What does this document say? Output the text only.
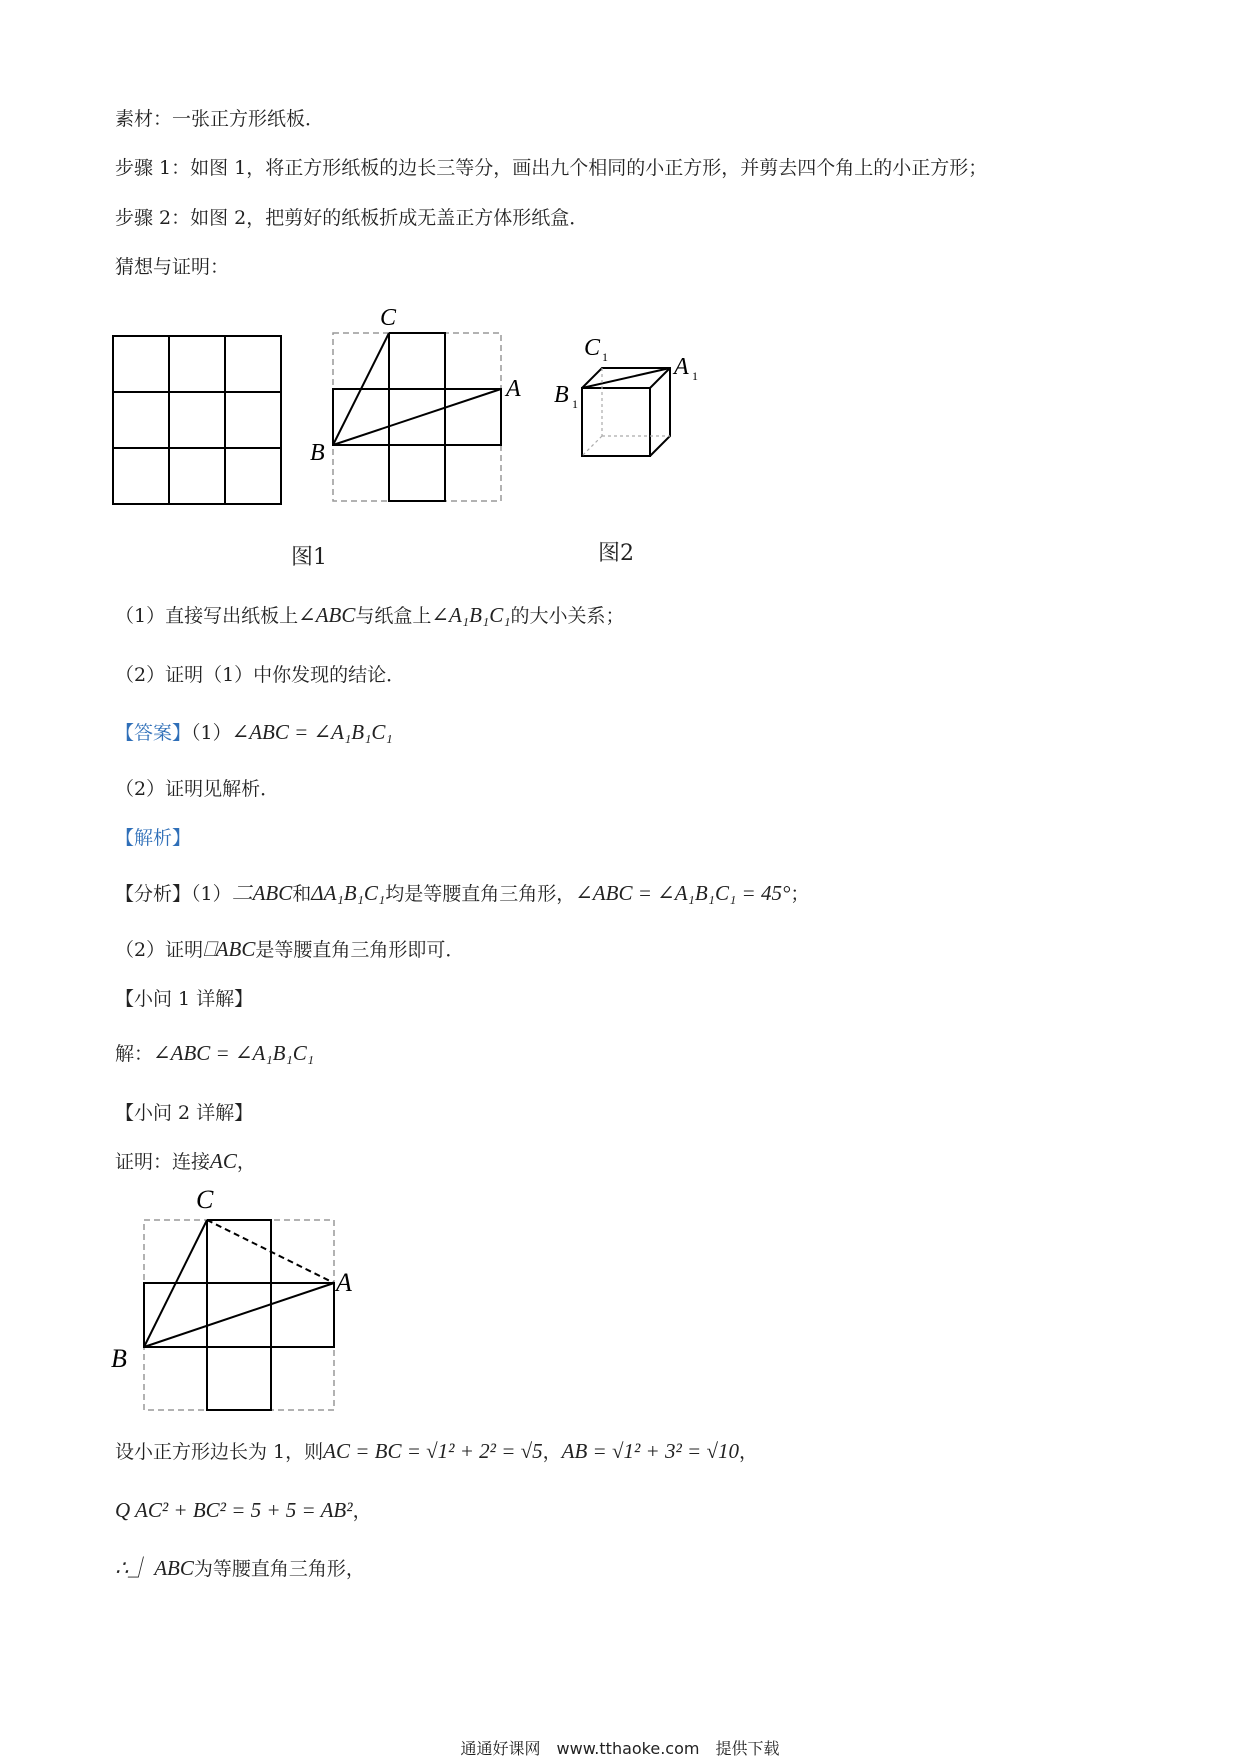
素材：一张正方形纸板．
步骤 1：如图 1，将正方形纸板的边长三等分，画出九个相同的小正方形，并剪去四个角上的小正方形；
步骤 2：如图 2，把剪好的纸板折成无盖正方体形纸盒．
猜想与证明：
C
A
B
C 1	A 1
B 1
图1	图2
（1）直接写出纸板上∠ABC与纸盒上∠A₁B₁C₁的大小关系；
（2）证明（1）中你发现的结论．
【答案】（1）∠ABC = ∠A₁B₁C₁
（2）证明见解析．
【解析】
【分析】（1）⼆ABC和ΔA₁B₁C₁均是等腰直角三角形，∠ABC = ∠A₁B₁C₁ = 45°；
（2）证明⎕ABC是等腰直角三角形即可．
【小问 1 详解】
解：∠ABC = ∠A₁B₁C₁
【小问 2 详解】
证明：连接AC，
C
A
B
设小正方形边长为 1，则AC = BC = √1² + 2² = √5，AB = √1² + 3² = √10，
Q AC² + BC² = 5 + 5 = AB²，
∴⏌ ABC为等腰直角三角形，
通通好课网　www.tthaoke.com　提供下载
